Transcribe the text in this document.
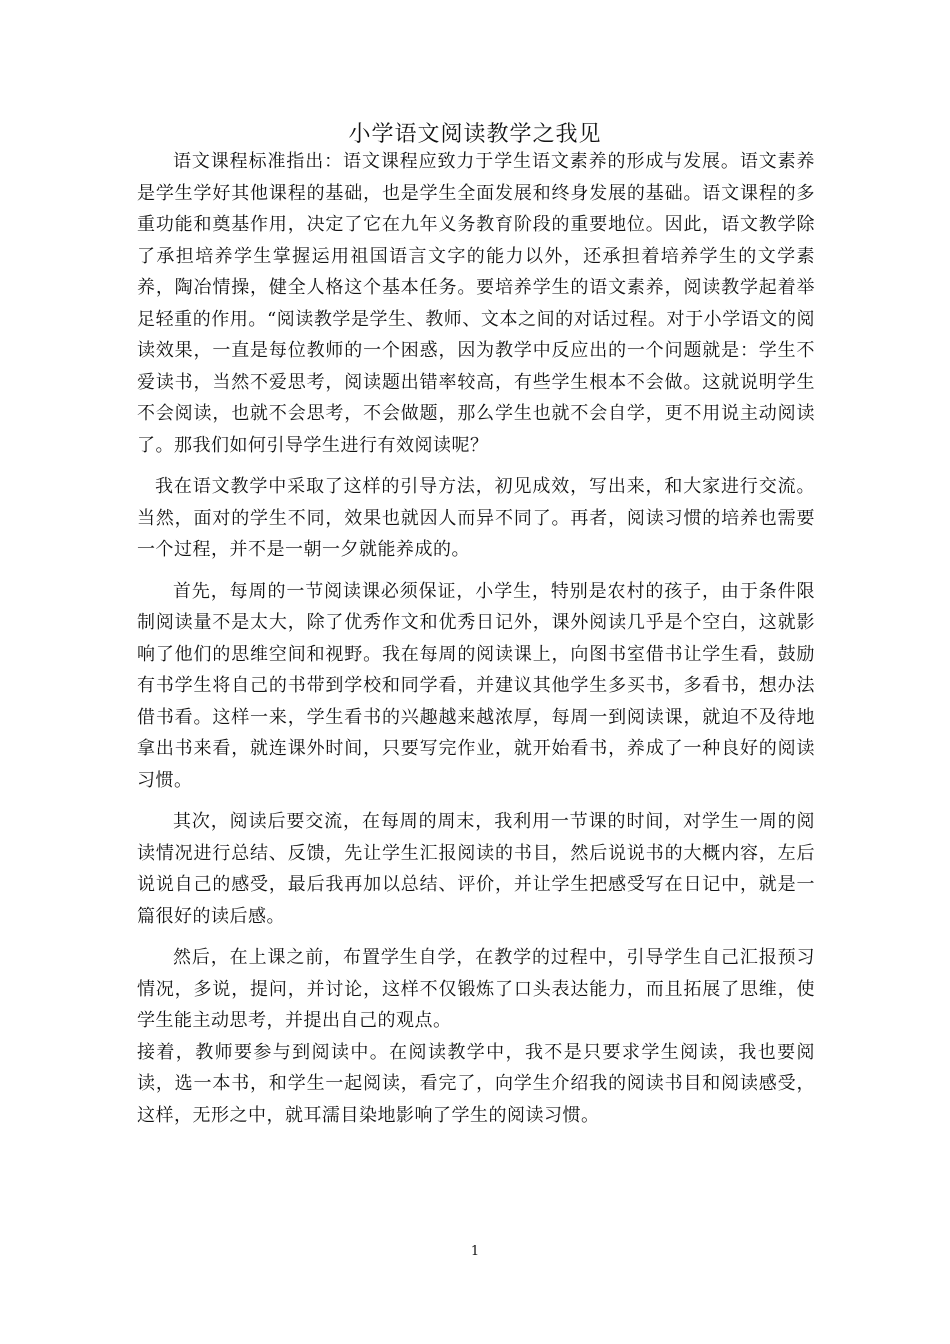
小学语文阅读教学之我见

语文课程标准指出：语文课程应致力于学生语文素养的形成与发展。语文素养是学生学好其他课程的基础，也是学生全面发展和终身发展的基础。语文课程的多重功能和奠基作用，决定了它在九年义务教育阶段的重要地位。因此，语文教学除了承担培养学生掌握运用祖国语言文字的能力以外，还承担着培养学生的文学素养，陶冶情操，健全人格这个基本任务。要培养学生的语文素养，阅读教学起着举足轻重的作用。“阅读教学是学生、教师、文本之间的对话过程。对于小学语文的阅读效果，一直是每位教师的一个困惑，因为教学中反应出的一个问题就是：学生不爱读书，当然不爱思考，阅读题出错率较高，有些学生根本不会做。这就说明学生不会阅读，也就不会思考，不会做题，那么学生也就不会自学，更不用说主动阅读了。那我们如何引导学生进行有效阅读呢？

我在语文教学中采取了这样的引导方法，初见成效，写出来，和大家进行交流。当然，面对的学生不同，效果也就因人而异不同了。再者，阅读习惯的培养也需要一个过程，并不是一朝一夕就能养成的。

首先，每周的一节阅读课必须保证，小学生，特别是农村的孩子，由于条件限制阅读量不是太大，除了优秀作文和优秀日记外，课外阅读几乎是个空白，这就影响了他们的思维空间和视野。我在每周的阅读课上，向图书室借书让学生看，鼓励有书学生将自己的书带到学校和同学看，并建议其他学生多买书，多看书，想办法借书看。这样一来，学生看书的兴趣越来越浓厚，每周一到阅读课，就迫不及待地拿出书来看，就连课外时间，只要写完作业，就开始看书，养成了一种良好的阅读习惯。

其次，阅读后要交流，在每周的周末，我利用一节课的时间，对学生一周的阅读情况进行总结、反馈，先让学生汇报阅读的书目，然后说说书的大概内容，左后说说自己的感受，最后我再加以总结、评价，并让学生把感受写在日记中，就是一篇很好的读后感。

然后，在上课之前，布置学生自学，在教学的过程中，引导学生自己汇报预习情况，多说，提问，并讨论，这样不仅锻炼了口头表达能力，而且拓展了思维，使学生能主动思考，并提出自己的观点。

接着，教师要参与到阅读中。在阅读教学中，我不是只要求学生阅读，我也要阅读，选一本书，和学生一起阅读，看完了，向学生介绍我的阅读书目和阅读感受，这样，无形之中，就耳濡目染地影响了学生的阅读习惯。

1
